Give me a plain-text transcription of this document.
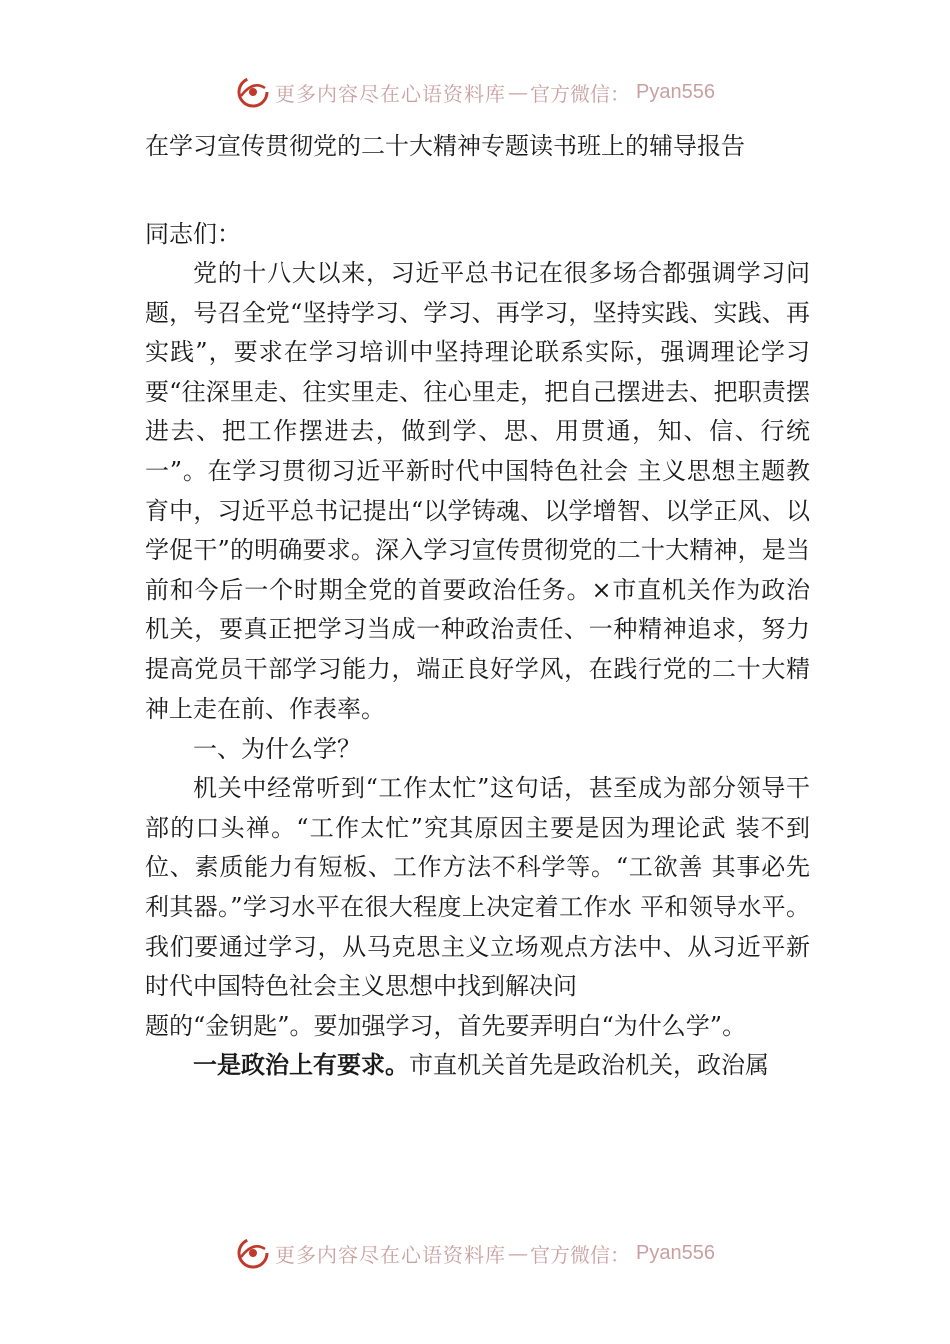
更多内容尽在心语资料库 — 官方微信： Pyan556

在学习宣传贯彻党的二十大精神专题读书班上的辅导报告

同志们：

党的十八大以来，习近平总书记在很多场合都强调学习问题，号召全党“坚持学习、学习、再学习，坚持实践、实践、再实践”，要求在学习培训中坚持理论联系实际，强调理论学习要“往深里走、往实里走、往心里走，把自己摆进去、把职责摆进去、把工作摆进去，做到学、思、用贯通，知、信、行统一”。在学习贯彻习近平新时代中国特色社会 主义思想主题教育中，习近平总书记提出“以学铸魂、以学增智、以学正风、以学促干”的明确要求。深入学习宣传贯彻党的二十大精神，是当前和今后一个时期全党的首要政治任务。×市直机关作为政治机关，要真正把学习当成一种政治责任、一种精神追求，努力提高党员干部学习能力，端正良好学风，在践行党的二十大精神上走在前、作表率。

一、为什么学？

机关中经常听到“工作太忙”这句话，甚至成为部分领导干部的口头禅。“工作太忙”究其原因主要是因为理论武 装不到位、素质能力有短板、工作方法不科学等。“工欲善 其事必先利其器。”学习水平在很大程度上决定着工作水 平和领导水平。我们要通过学习，从马克思主义立场观点方法中、从习近平新时代中国特色社会主义思想中找到解决问

题的“金钥匙”。要加强学习，首先要弄明白“为什么学”。

一是政治上有要求。市直机关首先是政治机关，政治属

更多内容尽在心语资料库 — 官方微信： Pyan556
